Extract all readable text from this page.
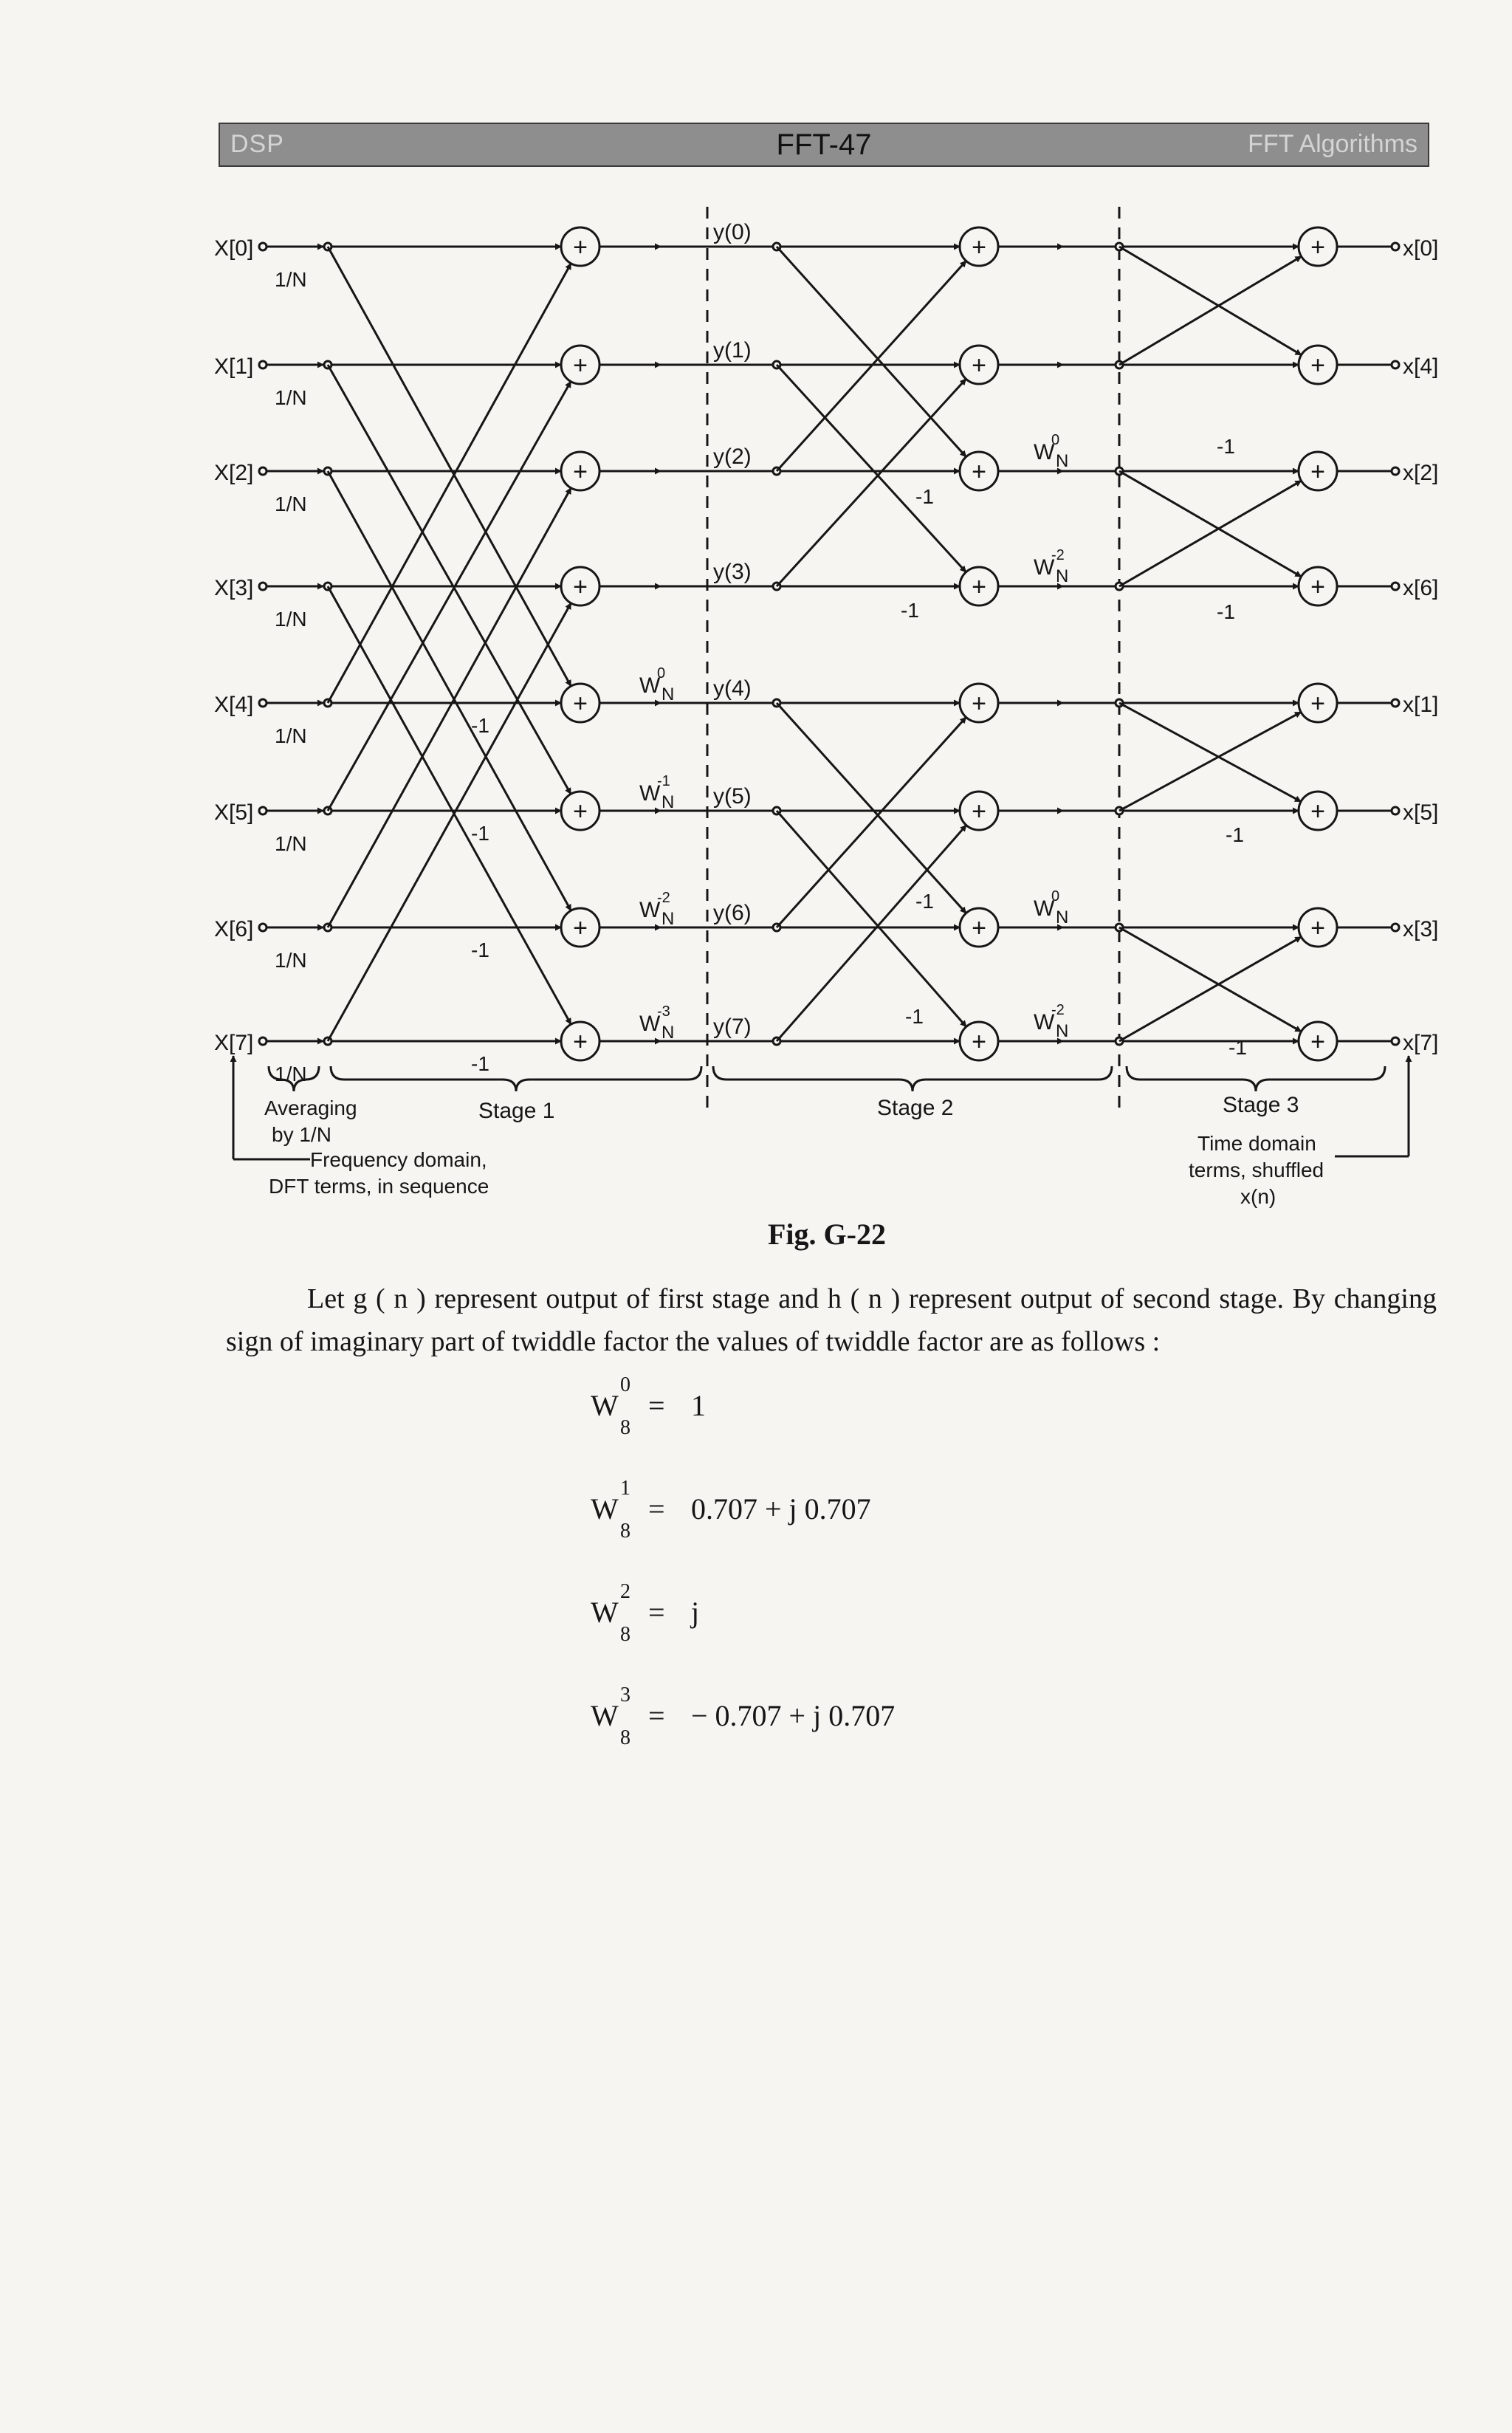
DSP	FFT-47	FFT Algorithms
X[0]
1/N
X[1]
1/N
X[2]
1/N
X[3]
1/N
X[4]
1/N
X[5]
1/N
X[6]
1/N
X[7]
1/N
-1
-1
-1
-1
+
y(0)
+
y(1)
+
y(2)
+
y(3)
+
y(4)
+
y(5)
+
y(6)
+
y(7)
W
0
N
W
-1
N
W
-2
N
W
-3
N
-1
-1
-1
-1
+
+
+
+
+
+
+
+
W
0
N
W
-2
N
W
0
N
W
-2
N
-1
-1
-1
-1
+	x[0]
+	x[4]
+	x[2]
+	x[6]
+	x[1]
+	x[5]
+	x[3]
+	x[7]
Averaging
by 1/N
Stage 1	Stage 2	Stage 3
Frequency domain,
DFT terms, in sequence
Time domain
terms, shuffled
x(n)
Fig. G-22
Let g ( n ) represent output of first stage and h ( n ) represent output of second stage. By changing sign of imaginary part of twiddle factor the values of twiddle factor are as follows :
W
0
8
= 1
W
1
8
= 0.707 + j 0.707
W
2
8
= j
W
3
8
= − 0.707 + j 0.707
